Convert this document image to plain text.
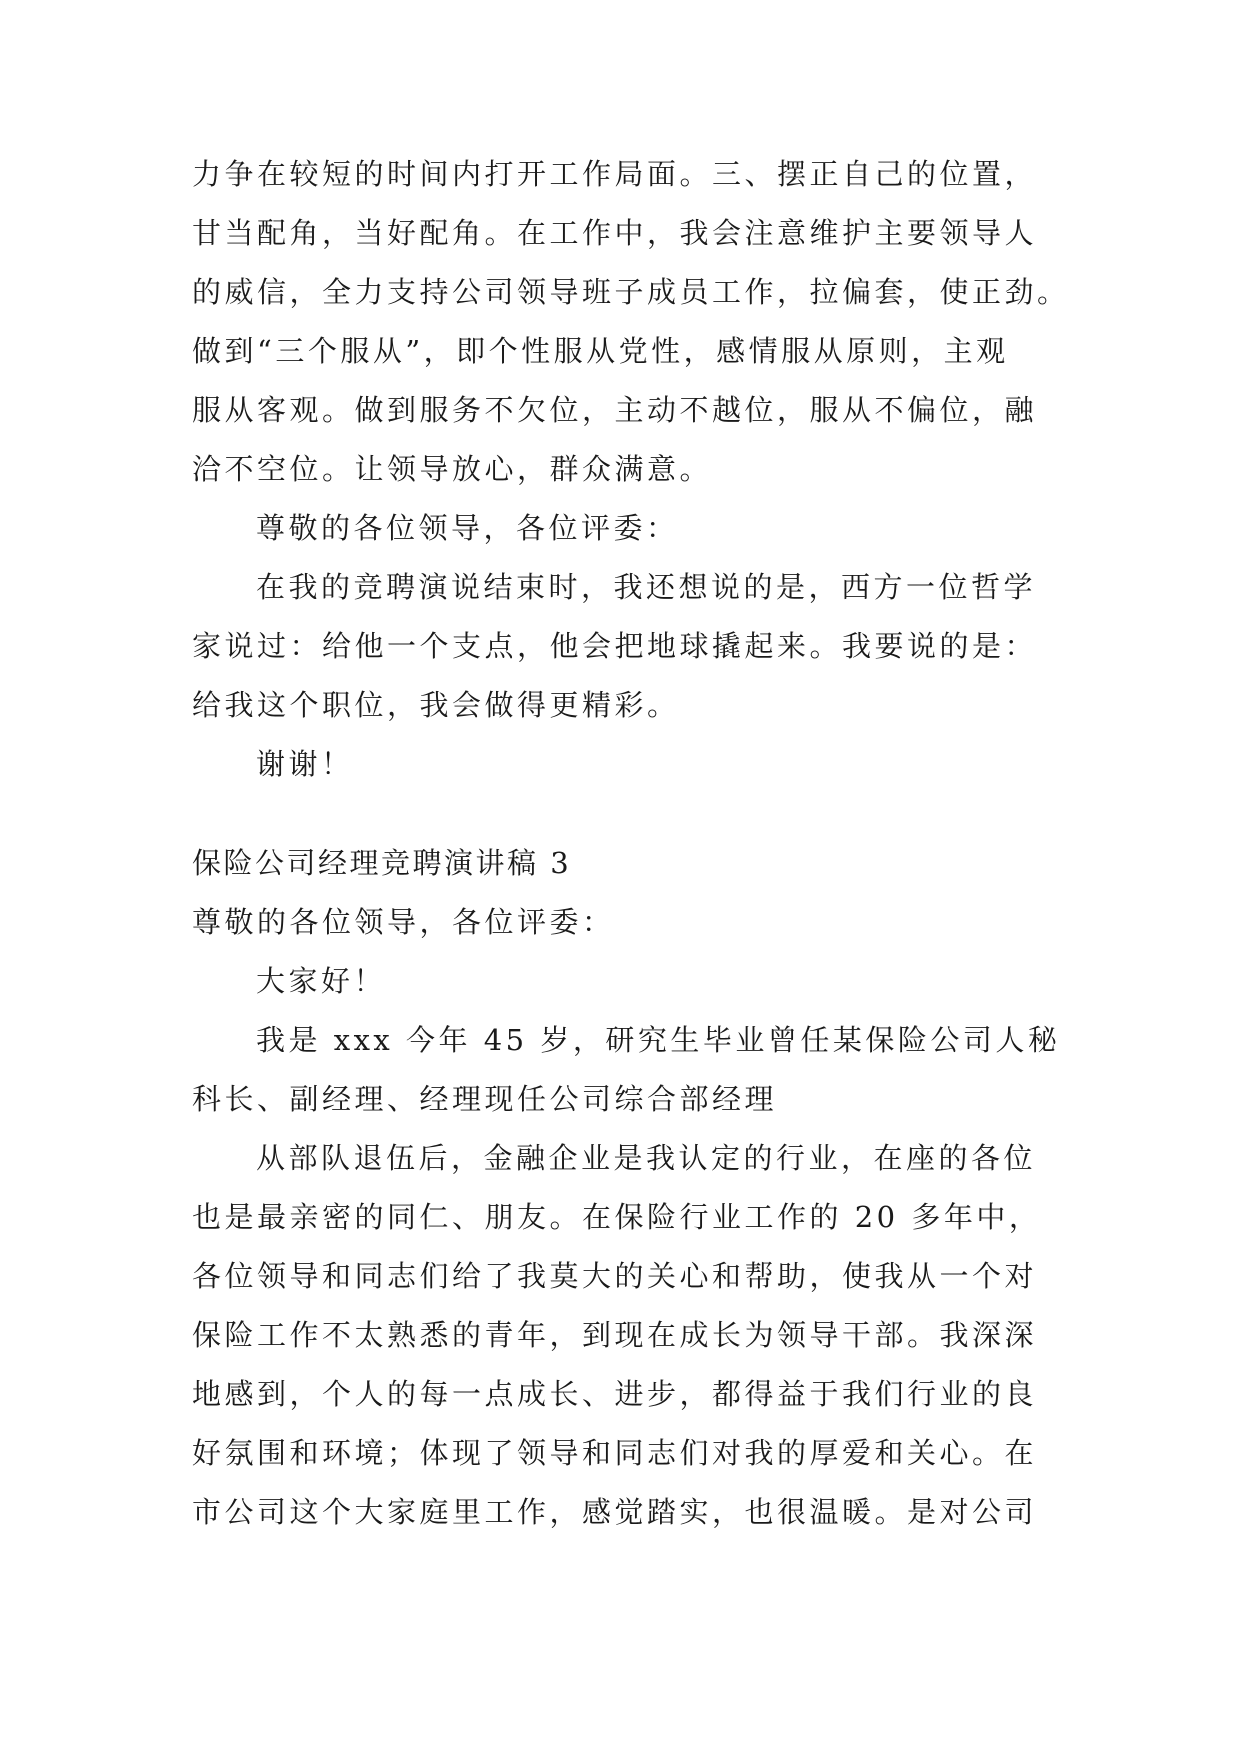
力争在较短的时间内打开工作局面。三、摆正自己的位置，
甘当配角，当好配角。在工作中，我会注意维护主要领导人
的威信，全力支持公司领导班子成员工作，拉偏套，使正劲。
做到“三个服从”，即个性服从党性，感情服从原则，主观
服从客观。做到服务不欠位，主动不越位，服从不偏位，融
洽不空位。让领导放心，群众满意。
尊敬的各位领导，各位评委：
在我的竞聘演说结束时，我还想说的是，西方一位哲学
家说过：给他一个支点，他会把地球撬起来。我要说的是：
给我这个职位，我会做得更精彩。
谢谢！
保险公司经理竞聘演讲稿 3
尊敬的各位领导，各位评委：
大家好！
我是 xxx 今年 45 岁，研究生毕业曾任某保险公司人秘
科长、副经理、经理现任公司综合部经理
从部队退伍后，金融企业是我认定的行业，在座的各位
也是最亲密的同仁、朋友。在保险行业工作的 20 多年中，
各位领导和同志们给了我莫大的关心和帮助，使我从一个对
保险工作不太熟悉的青年，到现在成长为领导干部。我深深
地感到，个人的每一点成长、进步，都得益于我们行业的良
好氛围和环境；体现了领导和同志们对我的厚爱和关心。在
市公司这个大家庭里工作，感觉踏实，也很温暖。是对公司
